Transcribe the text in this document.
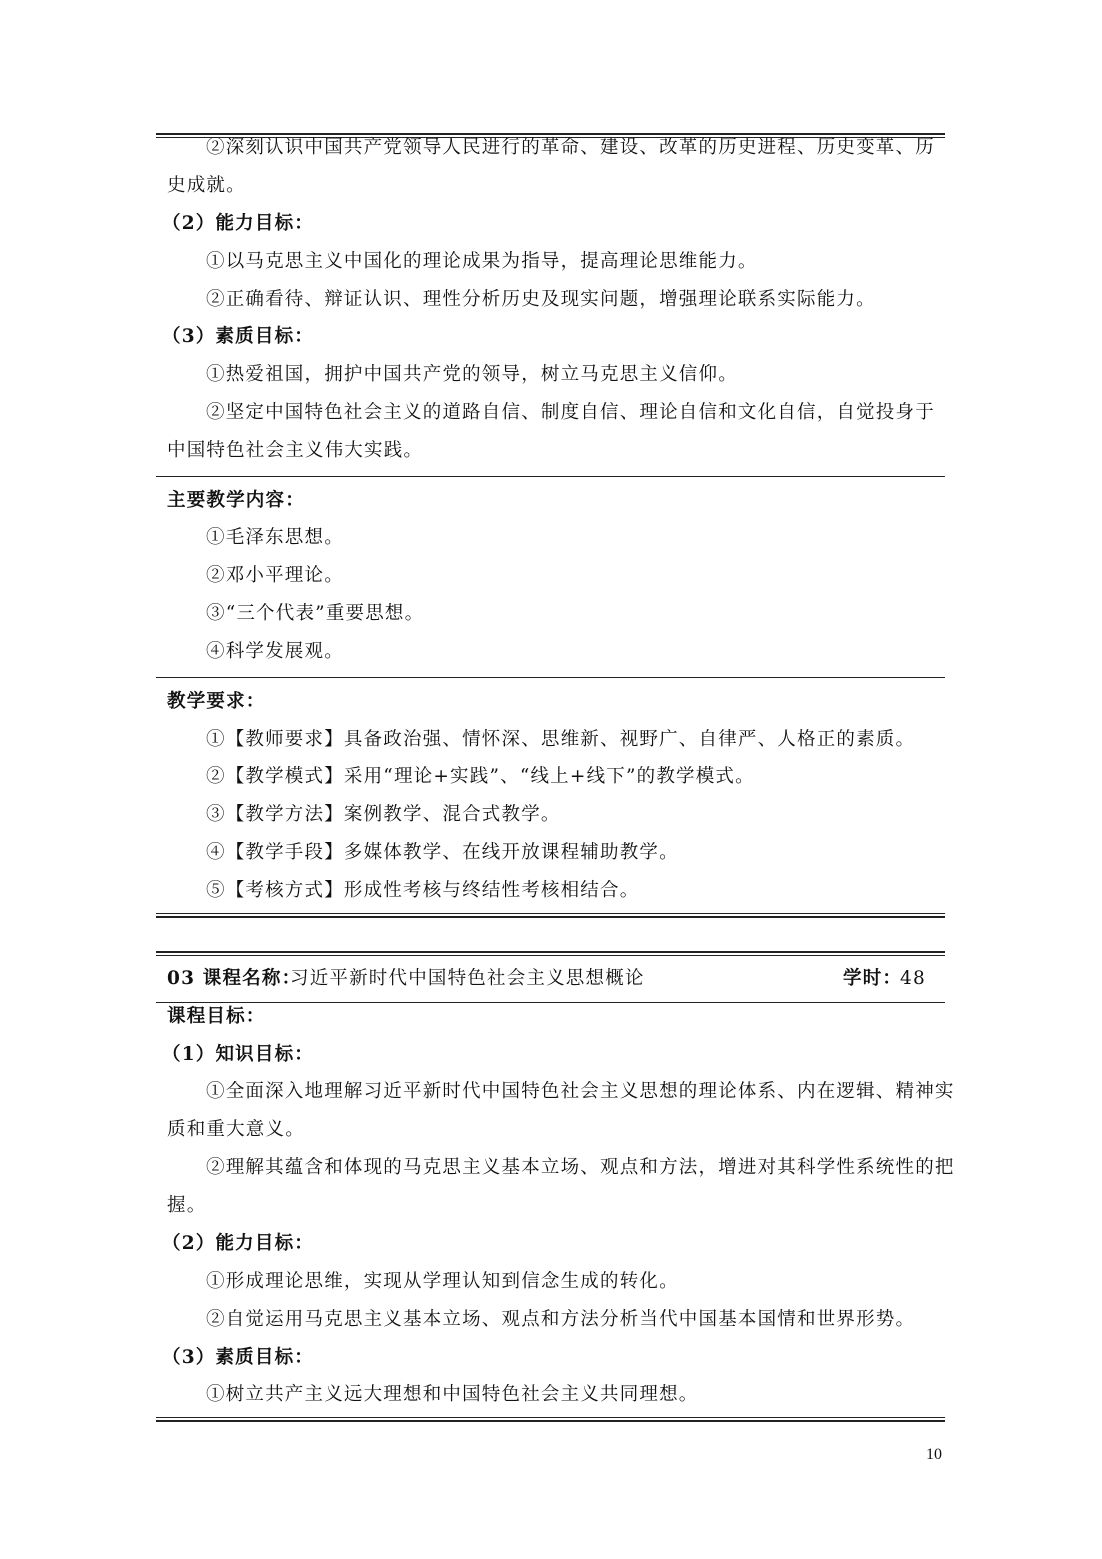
②深刻认识中国共产党领导人民进行的革命、建设、改革的历史进程、历史变革、历
史成就。
（2）能力目标：
①以马克思主义中国化的理论成果为指导，提高理论思维能力。
②正确看待、辩证认识、理性分析历史及现实问题，增强理论联系实际能力。
（3）素质目标：
①热爱祖国，拥护中国共产党的领导，树立马克思主义信仰。
②坚定中国特色社会主义的道路自信、制度自信、理论自信和文化自信，自觉投身于
中国特色社会主义伟大实践。
主要教学内容：
①毛泽东思想。
②邓小平理论。
③“三个代表”重要思想。
④科学发展观。
教学要求：
①【教师要求】具备政治强、情怀深、思维新、视野广、自律严、人格正的素质。
②【教学模式】采用“理论+实践”、“线上+线下”的教学模式。
③【教学方法】案例教学、混合式教学。
④【教学手段】多媒体教学、在线开放课程辅助教学。
⑤【考核方式】形成性考核与终结性考核相结合。
03 课程名称：
习近平新时代中国特色社会主义思想概论	学时：
48
课程目标：
（1）知识目标：
①全面深入地理解习近平新时代中国特色社会主义思想的理论体系、内在逻辑、精神实
质和重大意义。
②理解其蕴含和体现的马克思主义基本立场、观点和方法，增进对其科学性系统性的把
握。
（2）能力目标：
①形成理论思维，实现从学理认知到信念生成的转化。
②自觉运用马克思主义基本立场、观点和方法分析当代中国基本国情和世界形势。
（3）素质目标：
①树立共产主义远大理想和中国特色社会主义共同理想。
10
